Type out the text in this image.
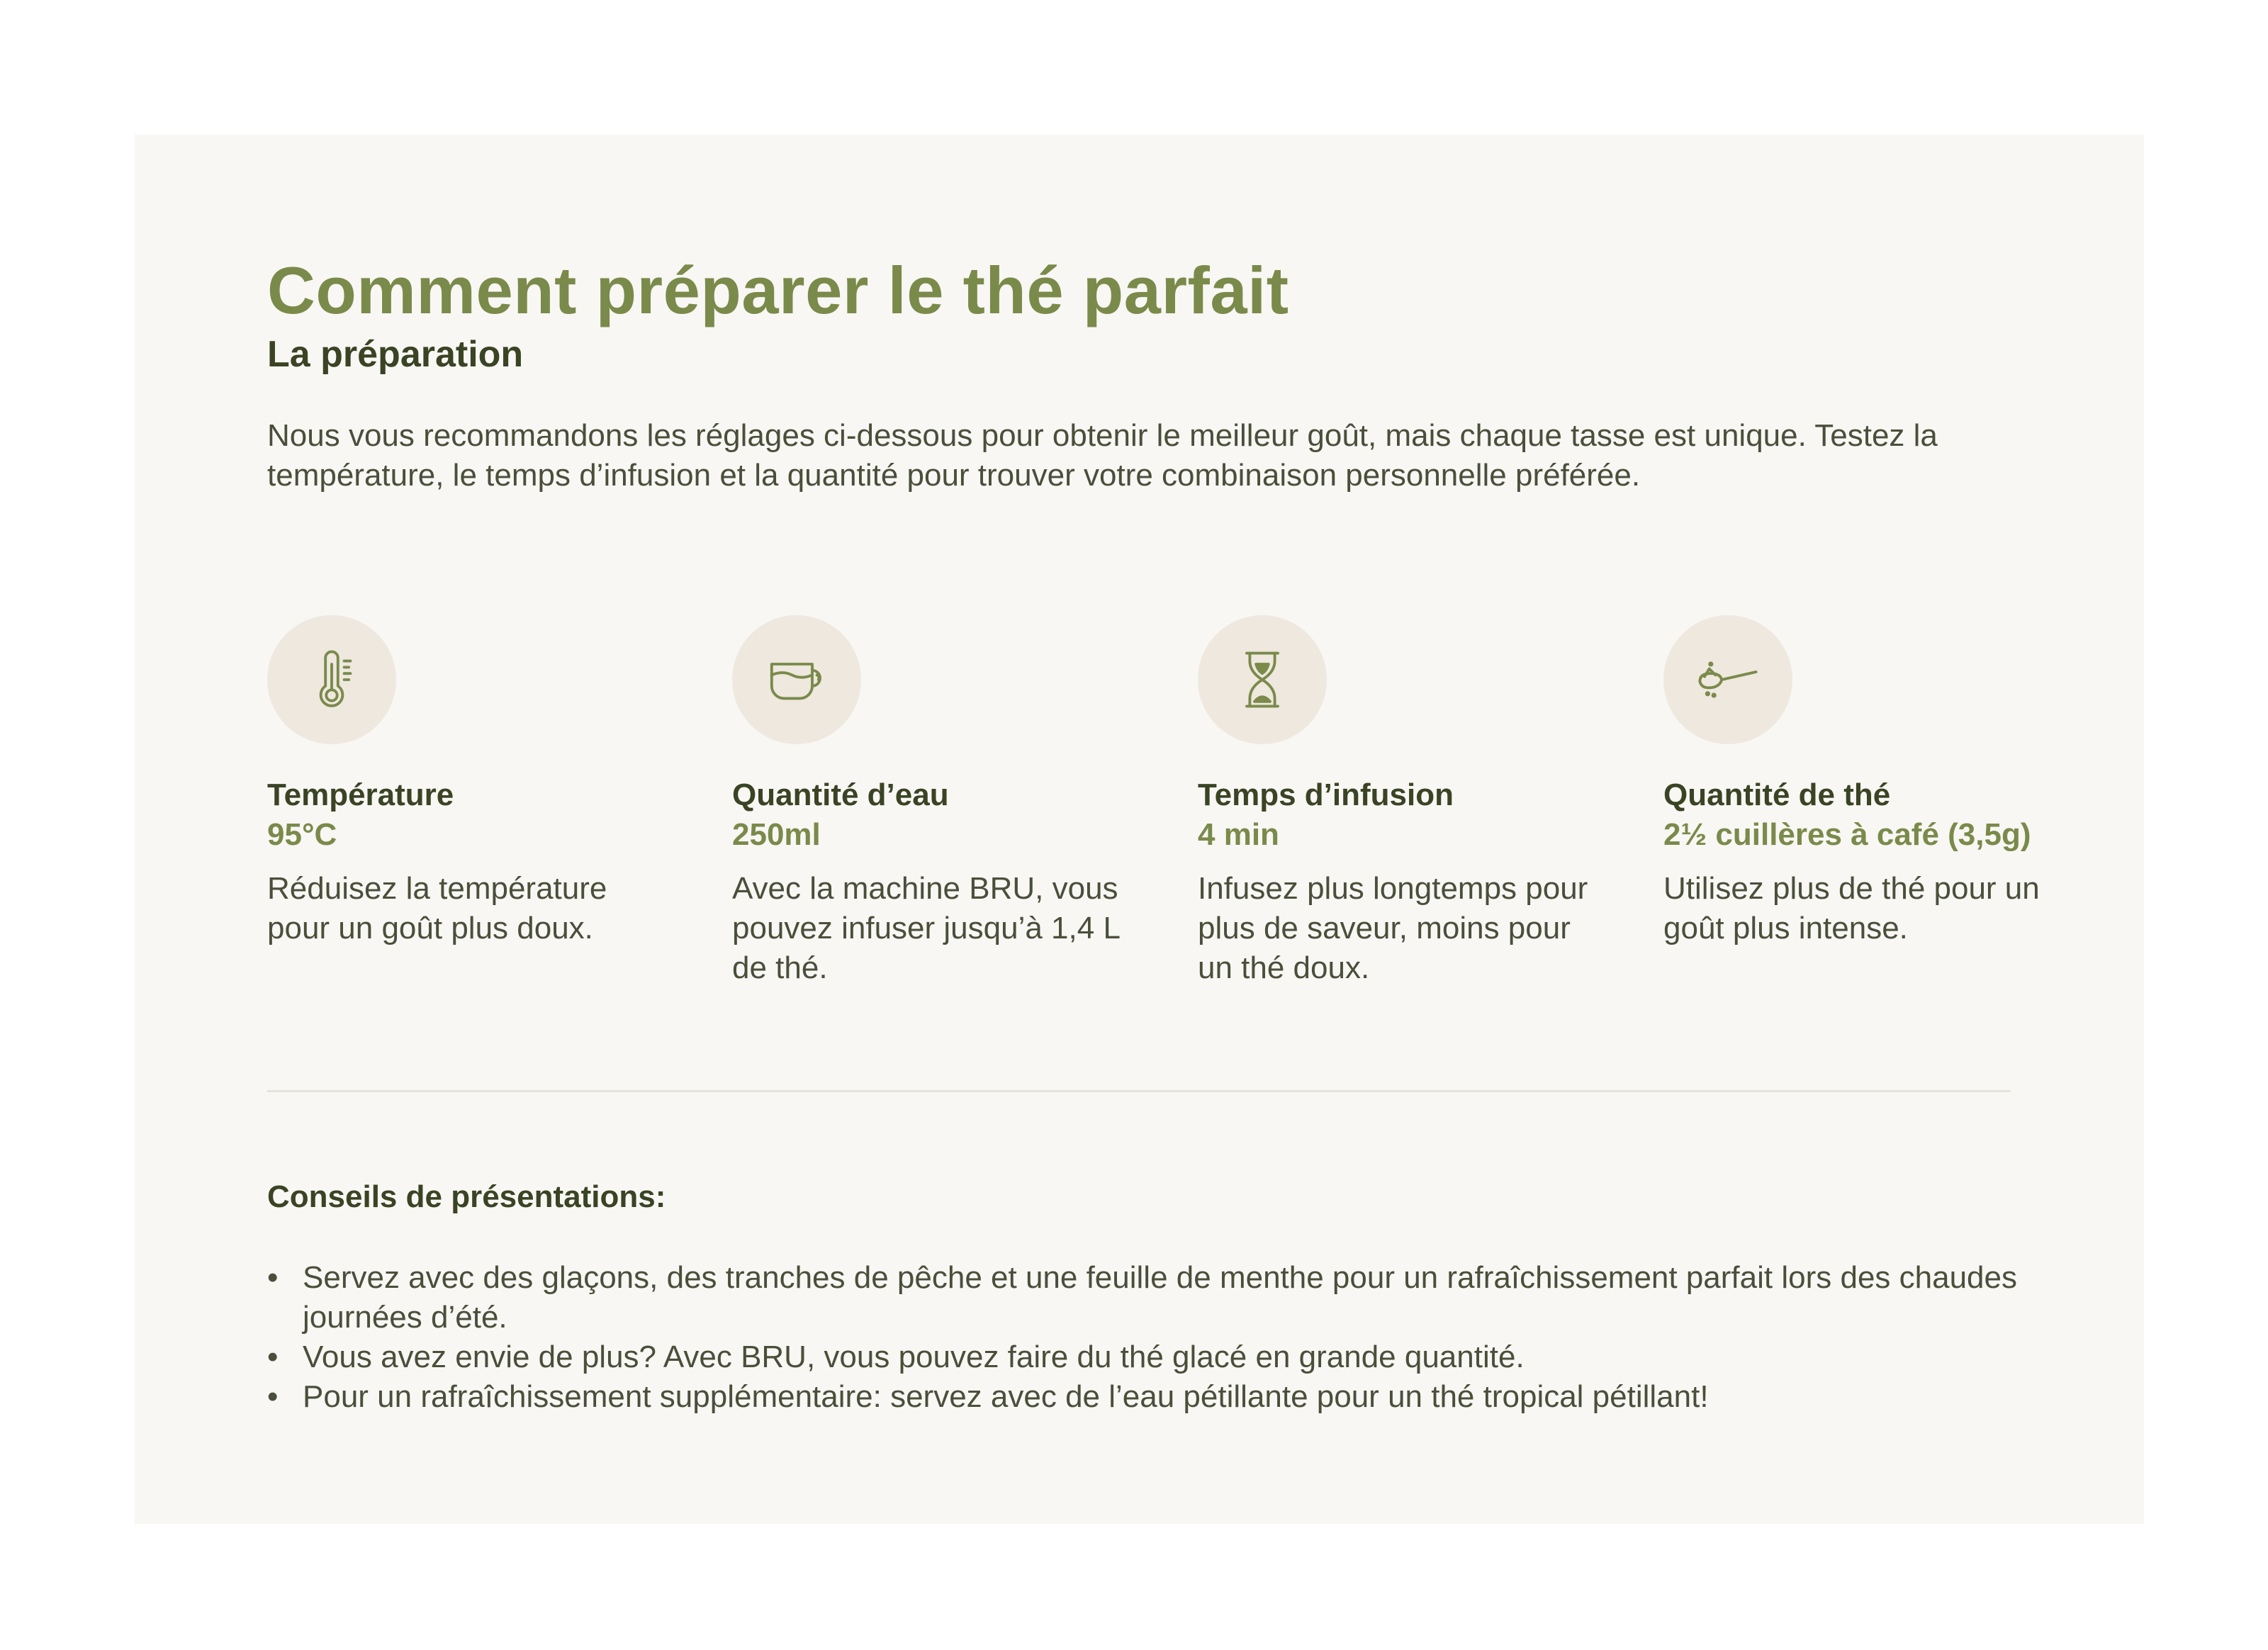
Comment préparer le thé parfait
La préparation

Nous vous recommandons les réglages ci-dessous pour obtenir le meilleur goût, mais chaque tasse est unique. Testez la température, le temps d’infusion et la quantité pour trouver votre combinaison personnelle préférée.

Température
95°C
Réduisez la température pour un goût plus doux.
Quantité d’eau
250ml
Avec la machine BRU, vous pouvez infuser jusqu’à 1,4 L de thé.
Temps d’infusion
4 min
Infusez plus longtemps pour plus de saveur, moins pour un thé doux.
Quantité de thé
2½ cuillères à café (3,5g)
Utilisez plus de thé pour un goût plus intense.
Conseils de présentations:
• Servez avec des glaçons, des tranches de pêche et une feuille de menthe pour un rafraîchissement parfait lors des chaudes journées d’été.
• Vous avez envie de plus? Avec BRU, vous pouvez faire du thé glacé en grande quantité.
• Pour un rafraîchissement supplémentaire: servez avec de l’eau pétillante pour un thé tropical pétillant!
